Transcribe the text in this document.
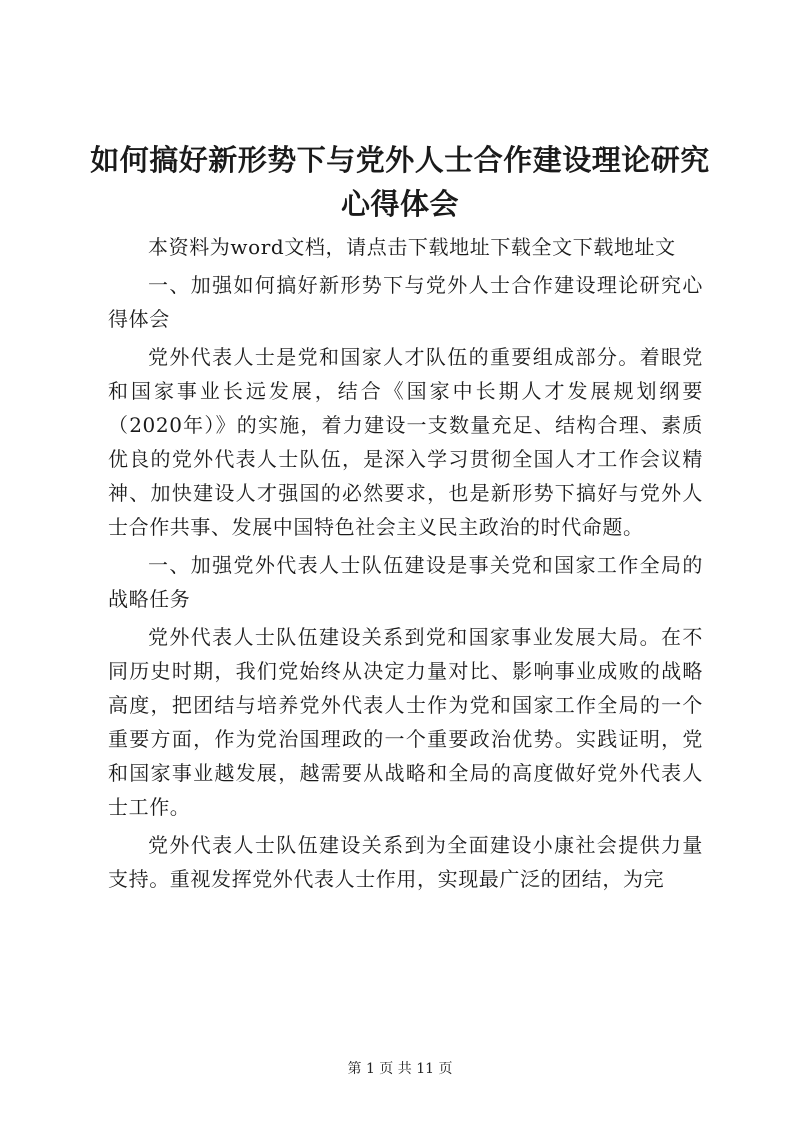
如何搞好新形势下与党外人士合作建设理论研究心得体会

本资料为word文档，请点击下载地址下载全文下载地址文

一、加强如何搞好新形势下与党外人士合作建设理论研究心得体会

党外代表人士是党和国家人才队伍的重要组成部分。着眼党和国家事业长远发展，结合《国家中长期人才发展规划纲要（2020年）》的实施，着力建设一支数量充足、结构合理、素质优良的党外代表人士队伍，是深入学习贯彻全国人才工作会议精神、加快建设人才强国的必然要求，也是新形势下搞好与党外人士合作共事、发展中国特色社会主义民主政治的时代命题。

一、加强党外代表人士队伍建设是事关党和国家工作全局的战略任务

党外代表人士队伍建设关系到党和国家事业发展大局。在不同历史时期，我们党始终从决定力量对比、影响事业成败的战略高度，把团结与培养党外代表人士作为党和国家工作全局的一个重要方面，作为党治国理政的一个重要政治优势。实践证明，党和国家事业越发展，越需要从战略和全局的高度做好党外代表人士工作。

党外代表人士队伍建设关系到为全面建设小康社会提供力量支持。重视发挥党外代表人士作用，实现最广泛的团结，为完

第 1 页 共 11 页
